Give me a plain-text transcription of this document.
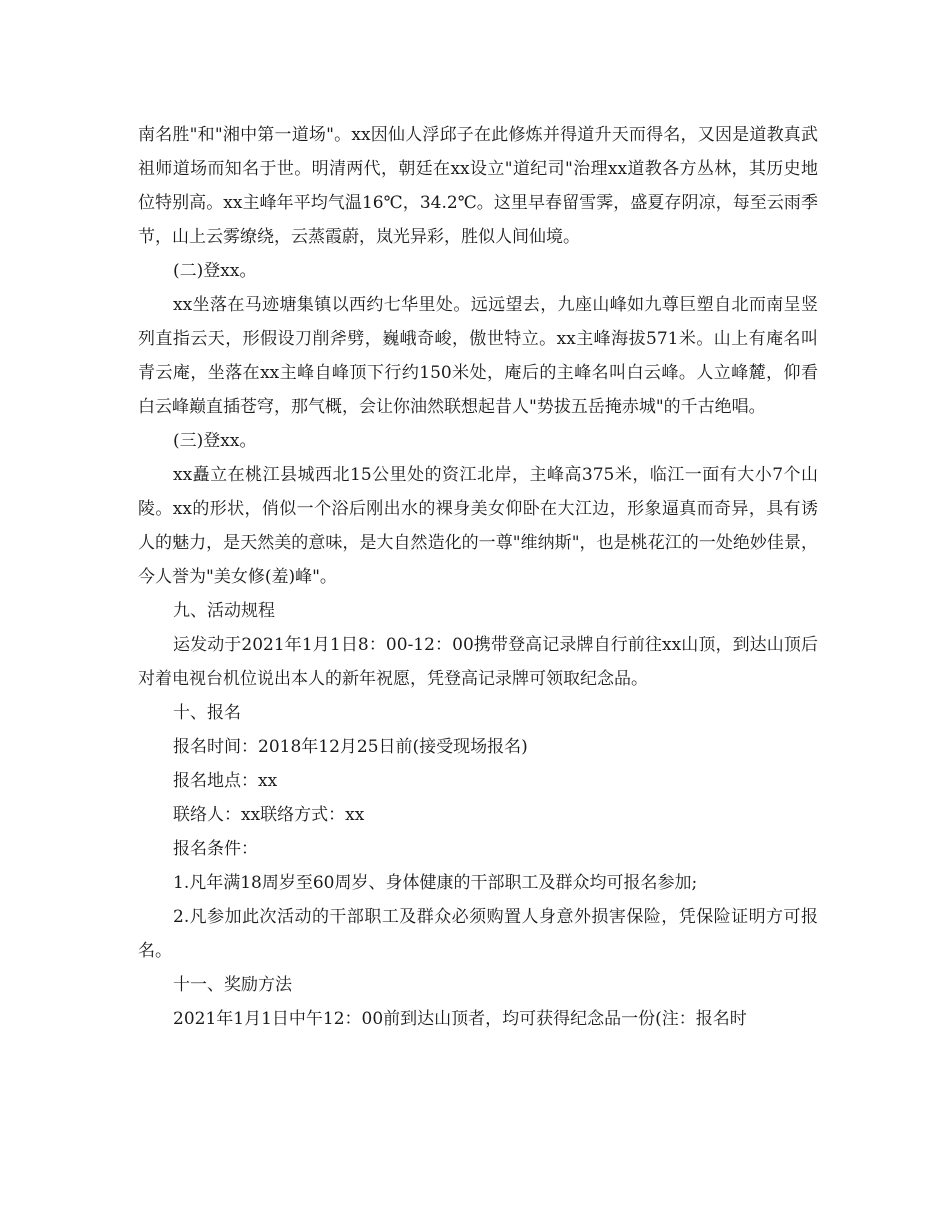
南名胜"和"湘中第一道场"。xx因仙人浮邱子在此修炼并得道升天而得名，又因是道教真武祖师道场而知名于世。明清两代，朝廷在xx设立"道纪司"治理xx道教各方丛林，其历史地位特别高。xx主峰年平均气温16℃，34.2℃。这里早春留雪霁，盛夏存阴凉，每至云雨季节，山上云雾缭绕，云蒸霞蔚，岚光异彩，胜似人间仙境。

(二)登xx。

xx坐落在马迹塘集镇以西约七华里处。远远望去，九座山峰如九尊巨塑自北而南呈竖列直指云天，形假设刀削斧劈，巍峨奇峻，傲世特立。xx主峰海拔571米。山上有庵名叫青云庵，坐落在xx主峰自峰顶下行约150米处，庵后的主峰名叫白云峰。人立峰麓，仰看白云峰巅直插苍穹，那气概，会让你油然联想起昔人"势拔五岳掩赤城"的千古绝唱。

(三)登xx。

xx矗立在桃江县城西北15公里处的资江北岸，主峰高375米，临江一面有大小7个山陵。xx的形状，俏似一个浴后刚出水的裸身美女仰卧在大江边，形象逼真而奇异，具有诱人的魅力，是天然美的意味，是大自然造化的一尊"维纳斯"，也是桃花江的一处绝妙佳景，今人誉为"美女修(羞)峰"。

九、活动规程

运发动于2021年1月1日8：00-12：00携带登高记录牌自行前往xx山顶，到达山顶后对着电视台机位说出本人的新年祝愿，凭登高记录牌可领取纪念品。

十、报名

报名时间：2018年12月25日前(接受现场报名)

报名地点：xx

联络人：xx联络方式：xx

报名条件：

1.凡年满18周岁至60周岁、身体健康的干部职工及群众均可报名参加;

2.凡参加此次活动的干部职工及群众必须购置人身意外损害保险，凭保险证明方可报名。

十一、奖励方法

2021年1月1日中午12：00前到达山顶者，均可获得纪念品一份(注：报名时
